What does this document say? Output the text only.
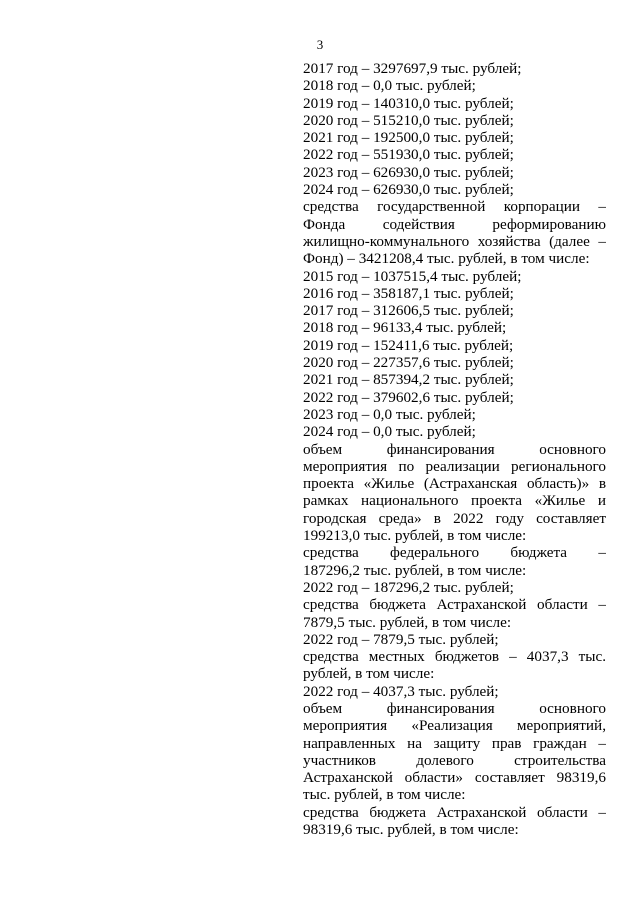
3
2017 год – 3297697,9 тыс. рублей;
2018 год – 0,0 тыс. рублей;
2019 год – 140310,0 тыс. рублей;
2020 год – 515210,0 тыс. рублей;
2021 год – 192500,0 тыс. рублей;
2022 год – 551930,0 тыс. рублей;
2023 год – 626930,0 тыс. рублей;
2024 год – 626930,0 тыс. рублей;
средства государственной корпорации –
Фонда содействия реформированию
жилищно-коммунального хозяйства (далее –
Фонд) – 3421208,4 тыс. рублей, в том числе:
2015 год – 1037515,4 тыс. рублей;
2016 год – 358187,1 тыс. рублей;
2017 год – 312606,5 тыс. рублей;
2018 год – 96133,4 тыс. рублей;
2019 год – 152411,6 тыс. рублей;
2020 год – 227357,6 тыс. рублей;
2021 год – 857394,2 тыс. рублей;
2022 год – 379602,6 тыс. рублей;
2023 год – 0,0 тыс. рублей;
2024 год – 0,0 тыс. рублей;
объем финансирования основного
мероприятия по реализации регионального
проекта «Жилье (Астраханская область)» в
рамках национального проекта «Жилье и
городская среда» в 2022 году составляет
199213,0 тыс. рублей, в том числе:
средства федерального бюджета –
187296,2 тыс. рублей, в том числе:
2022 год – 187296,2 тыс. рублей;
средства бюджета Астраханской области –
7879,5 тыс. рублей, в том числе:
2022 год – 7879,5 тыс. рублей;
средства местных бюджетов – 4037,3 тыс.
рублей, в том числе:
2022 год – 4037,3 тыс. рублей;
объем финансирования основного
мероприятия «Реализация мероприятий,
направленных на защиту прав граждан –
участников долевого строительства
Астраханской области» составляет 98319,6
тыс. рублей, в том числе:
средства бюджета Астраханской области –
98319,6 тыс. рублей, в том числе:
